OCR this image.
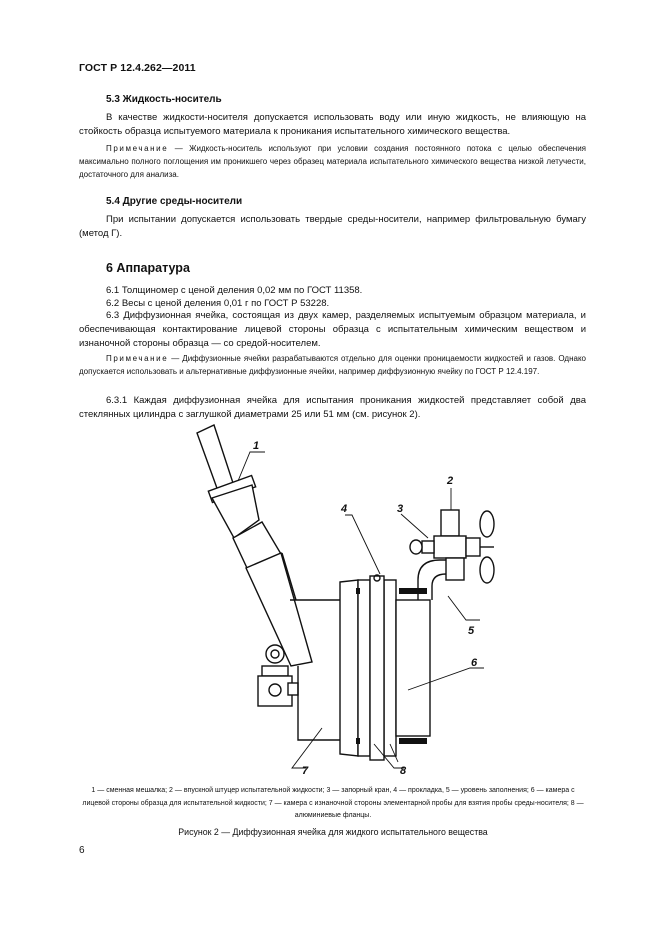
ГОСТ Р 12.4.262—2011
5.3 Жидкость-носитель
В качестве жидкости-носителя допускается использовать воду или иную жидкость, не влияющую на стойкость образца испытуемого материала к проникания испытательного химического вещества.
Примечание — Жидкость-носитель используют при условии создания постоянного потока с целью обеспечения максимально полного поглощения им проникшего через образец материала испытательного химического вещества низкой летучести, достаточного для анализа.
5.4 Другие среды-носители
При испытании допускается использовать твердые среды-носители, например фильтровальную бумагу (метод Г).
6 Аппаратура
6.1 Толщиномер с ценой деления 0,02 мм по ГОСТ 11358.
6.2 Весы с ценой деления 0,01 г по ГОСТ Р 53228.
6.3 Диффузионная ячейка, состоящая из двух камер, разделяемых испытуемым образцом материала, и обеспечивающая контактирование лицевой стороны образца с испытательным химическим веществом и изнаночной стороны образца — со средой-носителем.
Примечание — Диффузионные ячейки разрабатываются отдельно для оценки проницаемости жидкостей и газов. Однако допускается использовать и альтернативные диффузионные ячейки, например диффузионную ячейку по ГОСТ Р 12.4.197.
6.3.1 Каждая диффузионная ячейка для испытания проникания жидкостей представляет собой два стеклянных цилиндра с заглушкой диаметрами 25 или 51 мм (см. рисунок 2).
1
2
3
4
5
6
7	8
1 — сменная мешалка; 2 — впускной штуцер испытательной жидкости; 3 — запорный кран, 4 — прокладка, 5 — уровень заполнения; 6 — камера с лицевой стороны образца для испытательной жидкости; 7 — камера с изнаночной стороны элементарной пробы для взятия пробы среды-носителя; 8 — алюминиевые фланцы.
Рисунок 2 — Диффузионная ячейка для жидкого испытательного вещества
6
